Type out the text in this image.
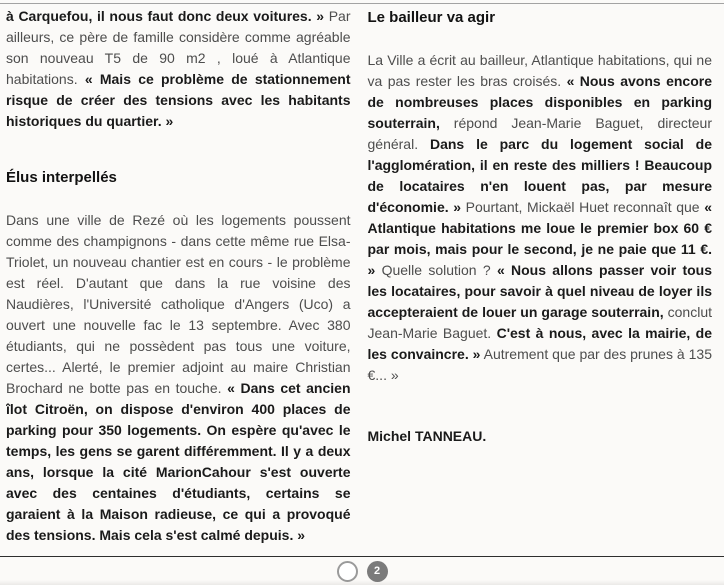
à Carquefou, il nous faut donc deux voitures. » Par ailleurs, ce père de famille considère comme agréable son nouveau T5 de 90 m2 , loué à Atlantique habitations. « Mais ce problème de stationnement risque de créer des tensions avec les habitants historiques du quartier. »

Élus interpellés

Dans une ville de Rezé où les logements poussent comme des champignons - dans cette même rue Elsa-Triolet, un nouveau chantier est en cours - le problème est réel. D'autant que dans la rue voisine des Naudières, l'Université catholique d'Angers (Uco) a ouvert une nouvelle fac le 13 septembre. Avec 380 étudiants, qui ne possèdent pas tous une voiture, certes... Alerté, le premier adjoint au maire Christian Brochard ne botte pas en touche. « Dans cet ancien îlot Citroën, on dispose d'environ 400 places de parking pour 350 logements. On espère qu'avec le temps, les gens se garent différemment. Il y a deux ans, lorsque la cité MarionCahour s'est ouverte avec des centaines d'étudiants, certains se garaient à la Maison radieuse, ce qui a provoqué des tensions. Mais cela s'est calmé depuis. »

Le bailleur va agir

La Ville a écrit au bailleur, Atlantique habitations, qui ne va pas rester les bras croisés. « Nous avons encore de nombreuses places disponibles en parking souterrain, répond Jean-Marie Baguet, directeur général. Dans le parc du logement social de l'agglomération, il en reste des milliers ! Beaucoup de locataires n'en louent pas, par mesure d'économie. » Pourtant, Mickaël Huet reconnaît que « Atlantique habitations me loue le premier box 60 € par mois, mais pour le second, je ne paie que 11 €. » Quelle solution ? « Nous allons passer voir tous les locataires, pour savoir à quel niveau de loyer ils accepteraient de louer un garage souterrain, conclut Jean-Marie Baguet. C'est à nous, avec la mairie, de les convaincre. » Autrement que par des prunes à 135 €... »

Michel TANNEAU.

2
